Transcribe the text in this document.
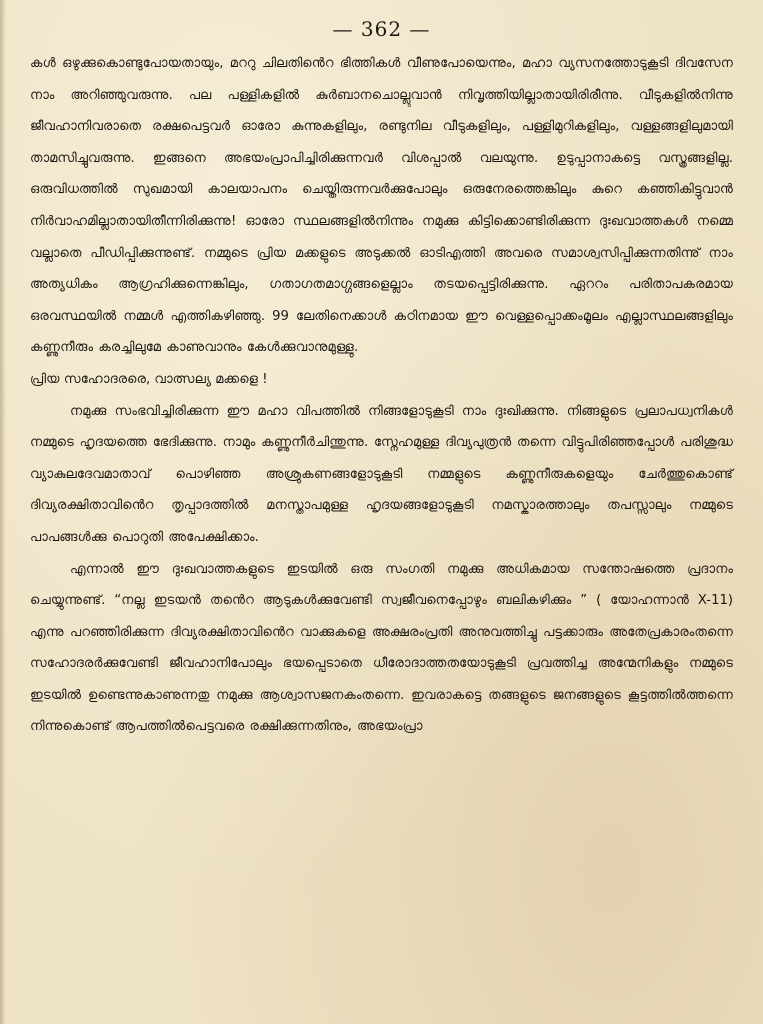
— 362 —

കൾ ഒഴുക്കുകൊണ്ടുപോയതായും, മററു ചിലതിൻെറ ഭിത്തികൾ വീണുപോയെന്നും, മഹാ വ്യസനത്തോടുകൂടി ദിവസേന നാം അറിഞ്ഞുവരുന്നു. പല പള്ളികളിൽ കുർബാനചൊല്ലുവാൻ നിവൃത്തിയില്ലാതായിരിരീന്നു. വീടുകളിൽനിന്നു ജീവഹാനിവരാതെ രക്ഷപെട്ടവർ ഓരോ കുന്നുകളിലും, രണ്ടുനില വീടുകളിലും, പള്ളിമുറികളിലും, വള്ളങ്ങളിലുമായി താമസിച്ചുവരുന്നു. ഇങ്ങനെ അഭയംപ്രാപിച്ചിരിക്കുന്നവർ വിശപ്പാൽ വലയുന്നു. ഉടുപ്പാനാകട്ടെ വസ്ത്രങ്ങളില്ല. ഒരുവിധത്തിൽ സുഖമായി കാലയാപനം ചെയ്തിരുന്നവർക്കുപോലും ഒരുനേരത്തെങ്കിലും കുറെ കഞ്ഞികിട്ടുവാൻ നിർവാഹമില്ലാതായിതീന്നിരിക്കുന്നു! ഓരോ സ്ഥലങ്ങളിൽനിന്നും നമുക്കു കിട്ടിക്കൊണ്ടിരിക്കുന്ന ദുഃഖവാത്തകൾ നമ്മെ വല്ലാതെ പീഡിപ്പിക്കുന്നുണ്ട്. നമ്മുടെ പ്രിയ മക്കളുടെ അടുക്കൽ ഓടിഎത്തി അവരെ സമാശ്വസിപ്പിക്കുന്നതിന്നു് നാം അത്യധികം ആഗ്രഹിക്കുന്നെങ്കിലും, ഗതാഗതമാഗ്ഗങ്ങളെല്ലാം തടയപ്പെട്ടിരിക്കുന്നു. ഏററം പരിതാപകരമായ ഒരവസ്ഥയിൽ നമ്മൾ എത്തികഴിഞ്ഞു. 99 ലേതിനെക്കാൾ കഠിനമായ ഈ വെള്ളപ്പൊക്കംമൂലം എല്ലാസ്ഥലങ്ങളിലും കണ്ണുനീരും കരച്ചിലുമേ കാണുവാനും കേൾക്കുവാനുമുള്ളു.

പ്രിയ സഹോദരരെ, വാത്സല്യ മക്കളെ !

നമുക്കു സംഭവിച്ചിരിക്കുന്ന ഈ മഹാ വിപത്തിൽ നിങ്ങളോടുകൂടി നാം ദുഃഖിക്കുന്നു. നിങ്ങളുടെ പ്രലാപധ്വനികൾ നമ്മുടെ ഹൃദയത്തെ ഭേദിക്കുന്നു. നാമും കണ്ണുനീർചിന്തുന്നു. സ്നേഹമുള്ള ദിവ്യപുത്രൻ തന്നെ വിട്ടുപിരിഞ്ഞപ്പോൾ പരിശുദ്ധ വ്യാകുലദേവമാതാവ് പൊഴിഞ്ഞ അശ്രുകണങ്ങളോടുകൂടി നമ്മളുടെ കണ്ണുനീരുകളെയും ചേർത്തുകൊണ്ട് ദിവ്യരക്ഷിതാവിൻെറ തൃപ്പാദത്തിൽ മനസ്താപമുള്ള ഹൃദയങ്ങളോടുകൂടി നമസ്കാരത്താലും തപസ്സാലും നമ്മുടെ പാപങ്ങൾക്കു പൊറുതി അപേക്ഷിക്കാം.

എന്നാൽ ഈ ദുഃഖവാത്തകളുടെ ഇടയിൽ ഒരു സംഗതി നമുക്കു അധികമായ സന്തോഷത്തെ പ്രദാനം ചെയ്യുന്നുണ്ട്. “നല്ല ഇടയൻ തൻെറ ആടുകൾക്കുവേണ്ടി സ്വജീവനെപ്പോഴും ബലികഴിക്കും ” ( യോഹന്നാൻ X-11) എന്നു പറഞ്ഞിരിക്കുന്ന ദിവ്യരക്ഷിതാവിൻെറ വാക്കുകളെ അക്ഷരംപ്രതി അനുവത്തിച്ചു പട്ടക്കാരും അതേപ്രകാരംതന്നെ സഹോദരർക്കുവേണ്ടി ജീവഹാനിപോലും ഭയപ്പെടാതെ ധീരോദാത്തതയോടുകൂടി പ്രവത്തിച്ച അന്മേനികളും നമ്മുടെ ഇടയിൽ ഉണ്ടെന്നുകാണുന്നതു നമുക്കു ആശ്വാസജനകംതന്നെ. ഇവരാകട്ടെ തങ്ങളുടെ ജനങ്ങളുടെ കൂട്ടത്തിൽത്തന്നെ നിന്നുകൊണ്ട് ആപത്തിൽപെട്ടവരെ രക്ഷിക്കുന്നതിനും, അഭയംപ്രാ
